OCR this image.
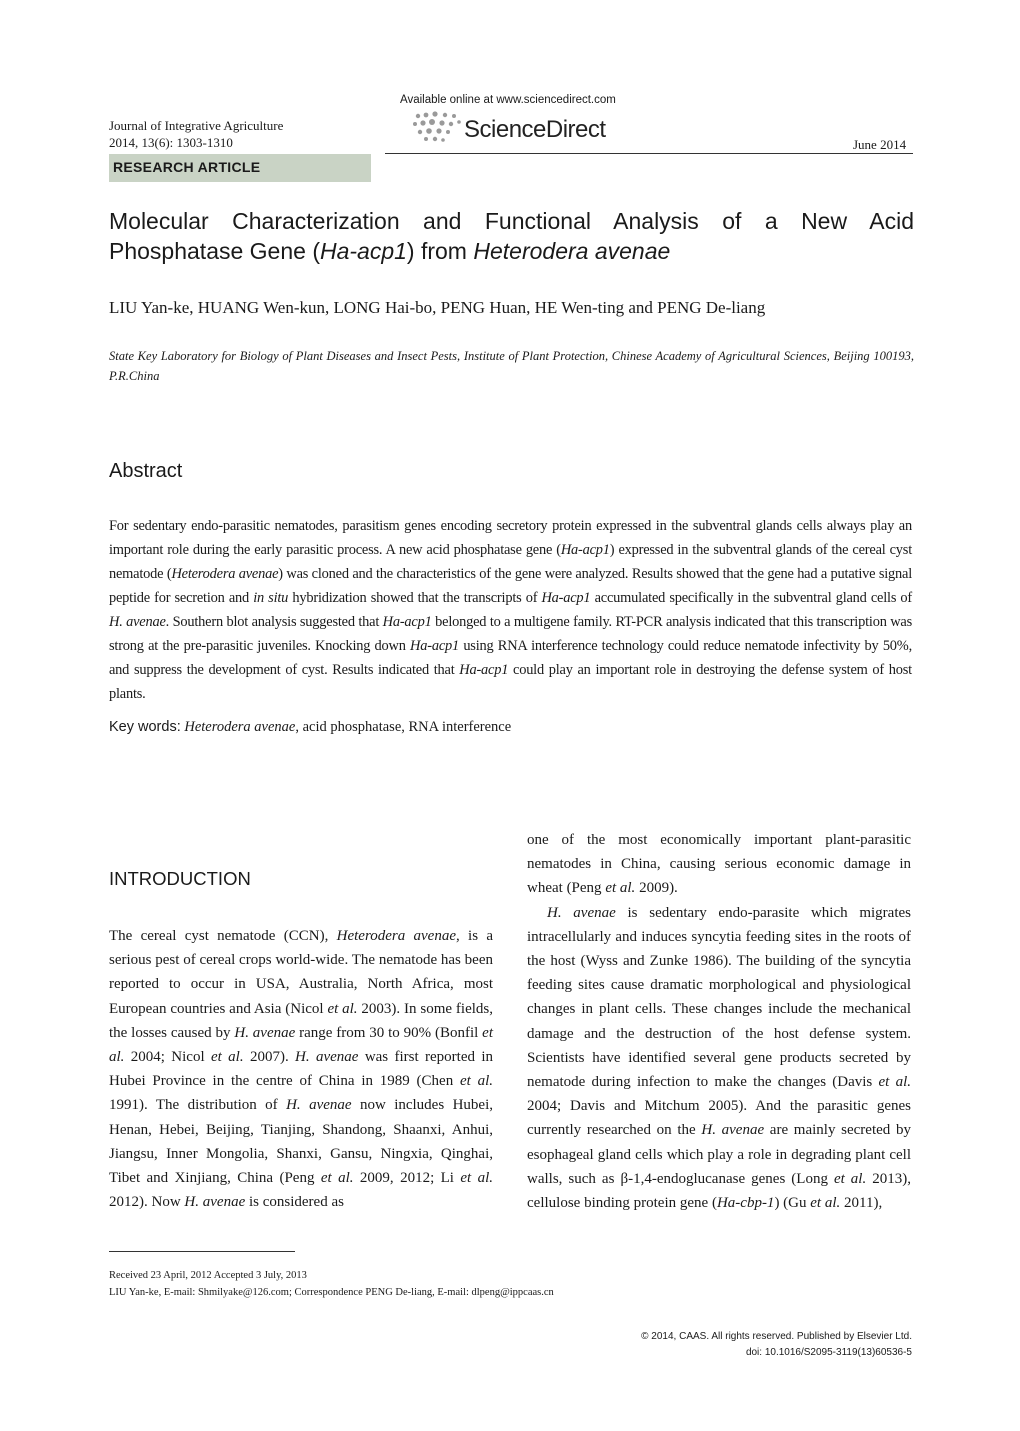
Journal of Integrative Agriculture
2014, 13(6): 1303-1310
Available online at www.sciencedirect.com
ScienceDirect
June 2014
RESEARCH ARTICLE
Molecular Characterization and Functional Analysis of a New Acid Phosphatase Gene (Ha-acp1) from Heterodera avenae
LIU Yan-ke, HUANG Wen-kun, LONG Hai-bo, PENG Huan, HE Wen-ting and PENG De-liang
State Key Laboratory for Biology of Plant Diseases and Insect Pests, Institute of Plant Protection, Chinese Academy of Agricultural Sciences, Beijing 100193, P.R.China
Abstract
For sedentary endo-parasitic nematodes, parasitism genes encoding secretory protein expressed in the subventral glands cells always play an important role during the early parasitic process. A new acid phosphatase gene (Ha-acp1) expressed in the subventral glands of the cereal cyst nematode (Heterodera avenae) was cloned and the characteristics of the gene were analyzed. Results showed that the gene had a putative signal peptide for secretion and in situ hybridization showed that the transcripts of Ha-acp1 accumulated specifically in the subventral gland cells of H. avenae. Southern blot analysis suggested that Ha-acp1 belonged to a multigene family. RT-PCR analysis indicated that this transcription was strong at the pre-parasitic juveniles. Knocking down Ha-acp1 using RNA interference technology could reduce nematode infectivity by 50%, and suppress the development of cyst. Results indicated that Ha-acp1 could play an important role in destroying the defense system of host plants.
Key words: Heterodera avenae, acid phosphatase, RNA interference
INTRODUCTION

The cereal cyst nematode (CCN), Heterodera avenae, is a serious pest of cereal crops world-wide. The nematode has been reported to occur in USA, Australia, North Africa, most European countries and Asia (Nicol et al. 2003). In some fields, the losses caused by H. avenae range from 30 to 90% (Bonfil et al. 2004; Nicol et al. 2007). H. avenae was first reported in Hubei Province in the centre of China in 1989 (Chen et al. 1991). The distribution of H. avenae now includes Hubei, Henan, Hebei, Beijing, Tianjing, Shandong, Shaanxi, Anhui, Jiangsu, Inner Mongolia, Shanxi, Gansu, Ningxia, Qinghai, Tibet and Xinjiang, China (Peng et al. 2009, 2012; Li et al. 2012). Now H. avenae is considered as

one of the most economically important plant-parasitic nematodes in China, causing serious economic damage in wheat (Peng et al. 2009).

H. avenae is sedentary endo-parasite which migrates intracellularly and induces syncytia feeding sites in the roots of the host (Wyss and Zunke 1986). The building of the syncytia feeding sites cause dramatic morphological and physiological changes in plant cells. These changes include the mechanical damage and the destruction of the host defense system. Scientists have identified several gene products secreted by nematode during infection to make the changes (Davis et al. 2004; Davis and Mitchum 2005). And the parasitic genes currently researched on the H. avenae are mainly secreted by esophageal gland cells which play a role in degrading plant cell walls, such as β-1,4-endoglucanase genes (Long et al. 2013), cellulose binding protein gene (Ha-cbp-1) (Gu et al. 2011),

Received 23 April, 2012 Accepted 3 July, 2013
LIU Yan-ke, E-mail: Shmilyake@126.com; Correspondence PENG De-liang, E-mail: dlpeng@ippcaas.cn
© 2014, CAAS. All rights reserved. Published by Elsevier Ltd.
doi: 10.1016/S2095-3119(13)60536-5
